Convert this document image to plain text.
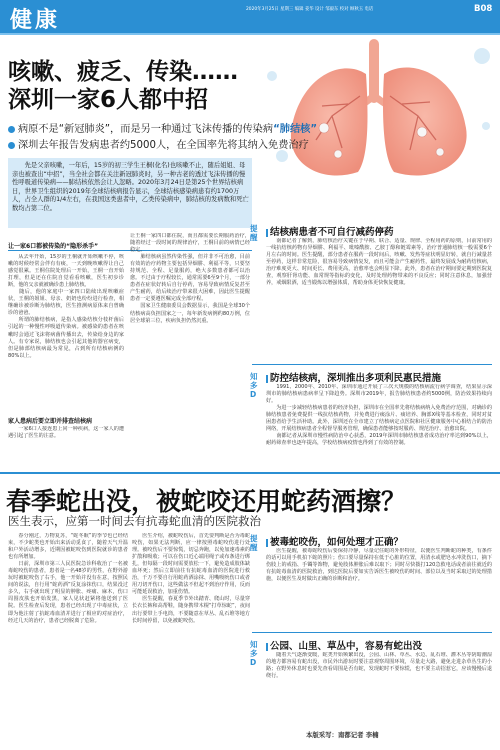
健康	2020年3月25日 星期三 编辑 姜华 设计 邹毅东 校对 顾秋玉 电话	B08
咳嗽、疲乏、传染……
深圳一家6人都中招
病原不是“新冠肺炎”，而是另一种通过飞沫传播的传染病“肺结核”
深圳去年报告发病患者约5000人，在全国率先将其纳入免费治疗
　　先是父亲咳嗽，一年后，15岁的初三学生王桐(化名)也咳嗽不止，随后姐姐、母亲也被查出“中招”，当全社会都在关注新冠肺炎时，另一种古老的透过飞沫传播的慢性呼吸道传染病——肺结核依然会让人忽略。2020年3月24日是第25个世界结核病日，世界卫生组织的2019年全球结核病报告显示，全球结核感染病患有约1700万人，占全人群的1/4左右，在我国这类患者中，乙类传染病中，肺结核的发病数和死亡数均占第二位。
让一家6口都被传染的“隐形杀手”
　　从去年开始，15岁的王桐就开始咳嗽不停，咳嗽的时候经常会伴有有痰，一天到晚咳嗽得让自己感觉很累。王桐住院处理后一开始，王桐一直开始打理，但是还在住院自觉看看咳嗽，医生初步诊断，他的父亲就被确诊患上肺结核。
　　随后，他的家庭中一家四口陆续出现咳嗽症状，王桐的姐姐、母亲、奶奶也纷纷进行检查，相继确诊被诊断为肺结核，医生推测病原体来自曾确诊的爸爸。
　　所谓的肺结核病，是指人感染结核分枝杆菌后引起的一种慢性呼吸道传染病。被感染的患者在咳嗽时会通过飞沫将病菌传播出去，传染给身边的家人。有专家说，肺结核也会引起其他的器官病变，但是肺部结核病最为常见，占到所有结核病例的80%以上。
家人患病后要立即并排查结核病
　　一家6口人接连患上同一种疾病，这一家人的遭遇引起了医生的注意。
让王桐一家四口都住院，而且都需要长期服药治疗，随着经过一段时间的规律治疗，王桐目前的病情已经稳定。
　　肺结核病虽然传染性强，但并非不可治愈，目前有效的治疗药物主要包括异烟肼、利福平等，只要坚持规范、全程、足量服药，绝大多数患者都可以治愈。不过由于疗程较长，通常需要6至9个月，一部分患者在症状好转后自行停药，容易导致病情反复甚至产生耐药，给后续治疗带来很大困难，因此医生提醒患者一定要遵医嘱完成全部疗程。
　　国家卫生健康委员会数据显示，我国是全球30个结核病高负担国家之一，每年新发病例约80万例，位居全球第三位，疾病负担仍然沉重。
提醒	结核病患者不可自行减药停药
　　南都记者了解到，肺结核治疗关键在于早期、联合、适量、规律、全程用药的原则，目前常用的一线抗结核药物有异烟肼、利福平、吡嗪酰胺、乙胺丁醇和链霉素等，治疗普通肺结核一般需要6个月左右的时间。医生提醒，部分患者在服药一段时间后，咳嗽、发热等症状明显好转，就自行减量甚至停药，这样非常危险，很容易导致病情复发，而且可能会产生耐药性，最终发展成为耐药结核病，治疗难度更大、时间更长、费用更高，治愈率也会明显下降。此外，患者在治疗期间要定期到医院复查，观察肝肾功能、血常规等指标的变化，及时处理药物带来的不良反应；同时注意休息，加强营养，戒烟限酒，适当锻炼以增强体质，帮助身体更快恢复健康。
知多D
防控结核病，深圳推出多项利民惠民措施
　　1991、2000年、2010年、深圳市通过开展了三次大规模的结核病流行病学调查，结果显示深圳市的肺结核病患病率呈下降趋势。深圳市2019年，报告肺结核患者约5000例，防治效果持续向好。
　　为进一步减轻结核病患者的经济负担，深圳市在全国率先将结核病纳入免费治疗范围，对确诊的肺结核患者免费提供一线抗结核药物，并免费进行痰涂片、痰培养、胸部X线等基本检查，同时对贫困患者给予生活补助。此外，深圳还在全市建立了结核病定点医院和社区健康服务中心相结合的防治网络，开展结核病患者全程督导服务管理，确保患者能够按时服药、规范治疗、治愈出院。
　　南都记者从深圳市慢性病防治中心获悉，2019年深圳市肺结核患者成功治疗率达到90%以上，耐药筛查率也逐年提高，学校结核病疫情也得到了有效的控制。
春季蛇出没，被蛇咬还用蛇药酒擦？
医生表示，应第一时间去有抗毒蛇血清的医院救治
　　春分刚过，万物复苏，“蛇冬眠”的季节也已经结束，不少蛇类也开始出来活动觅食了，随着天气升温和户外活动增多，近期因被蛇咬伤到医院就诊的患者也有所增加。
　　日前，深圳市第三人民医院急诊科收治了一名被毒蛇咬伤的患者，患者是一名48岁的男性，在野外游玩时被蛇咬伤了右手，他一开始并没有在意，按照民间的说法，自行用“蛇药酒”反复涂抹伤口，结果没过多久，右手就出现了明显的肿胀、疼痛、麻木，伤口周围皮肤也开始发黑，家人见状赶紧将他送到了医院。医生检查后发现，患者已经出现了中毒症状，立即为他注射了抗蛇毒血清并进行了相应的对症治疗，经过几天的治疗，患者已经脱离了危险。
　　医生介绍，被蛇咬伤后，首先要判断是否为毒蛇咬伤，如果无法判断，应一律按照毒蛇咬伤进行处理。被咬伤后不要惊慌，切忌奔跑，以免加速毒素的扩散和吸收；可以在伤口近心端用绳子或布条进行绑扎，但每隔一段时间需要放松一下，避免造成肢体缺血坏死；然后立即前往有抗蛇毒血清的医院进行救治，千万不要自行用蛇药酒涂抹、用嘴吸吮伤口或者用刀切开伤口，这些做法不但起不到治疗作用，反而可能延误救治，加重伤情。
　　医生提醒，春夏季节外出踏青、爬山时，尽量穿长衣长裤和高帮鞋，随身携带木棍“打草惊蛇”，夜间出行要带上手电筒，不要随意在草丛、乱石堆等地方长时间停留，以免被蛇咬伤。
提醒	被毒蛇咬伤，如何处理才正确？
　　医生提醒，被毒蛇咬伤后要保持冷静，尽量记住蛇的外形特征，以便医生判断蛇的种类，有条件的话可以用手机拍下蛇的照片；伤口要尽量保持在低于心脏的位置，用清水或肥皂水冲洗伤口，摘下伤肢上的戒指、手镯等饰物，避免肢体肿胀后难以取下；同时尽快拨打120急救电话或者前往就近的有抗蛇毒血清的医院救治，到达医院后要如实告诉医生被咬伤的时间、部位以及当时采取过的处理措施，以便医生及时做出正确的诊断和治疗。
知多D
公园、山里、草丛中，容易有蛇出没
　　随着天气逐渐变暖，蛇类开始频繁出没，公园、山林、草丛、水边、乱石堆、灌木丛等阴暗潮湿的地方都容易有蛇出没，市民外出游玩时要注意观察周围环境，尽量走大路，避免走进杂草丛生的小路；在野外休息时也要先查看周围是否有蛇，发现蛇时不要惊慌，也不要主动招惹它，应该慢慢后退绕行。
本版采写：南都记者 李楠
